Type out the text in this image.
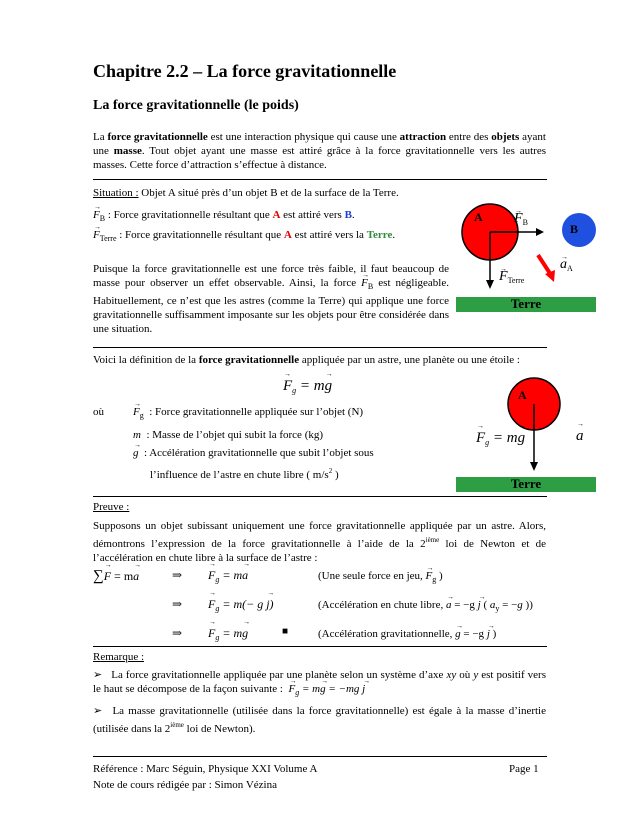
Chapitre 2.2 – La force gravitationnelle
La force gravitationnelle (le poids)
La force gravitationnelle est une interaction physique qui cause une attraction entre des objets ayant une masse. Tout objet ayant une masse est attiré grâce à la force gravitationnelle vers les autres masses. Cette force d’attraction s’effectue à distance.
Situation : Objet A situé près d’un objet B et de la surface de la Terre.
→ $F_B$ : Force gravitationnelle résultant que A est attiré vers B.
→ $F_{Terre}$ : Force gravitationnelle résultant que A est attiré vers la Terre.
Puisque la force gravitationnelle est une force très faible, il faut beaucoup de masse pour observer un effet observable. Ainsi, la force → $F_B$ est négligeable. Habituellement, ce n’est que les astres (comme la Terre) qui applique une force gravitationnelle suffisamment imposante sur les objets pour être considérée dans une situation.
A
→ $F_B$	B
→ $F_{Terre}$
→ $a_A$
Terre
Voici la définition de la force gravitationnelle appliquée par un astre, une planète ou une étoile :
→ $F_g = m\to g$
où
→	$F_g$ : Force gravitationnelle appliquée sur l’objet (N)
m : Masse de l’objet qui subit la force (kg)
→ g : Accélération gravitationnelle que subit l’objet sous
l’influence de l’astre en chute libre ( $m/s^2$ )
A
→ $F_g = m\to g$
→	a
Terre
Preuve :
Supposons un objet subissant uniquement une force gravitationnelle appliquée par un astre. Alors, démontrons l’expression de la force gravitationnelle à l’aide de la 2ième loi de Newton et de l’accélération en chute libre à la surface de l’astre :
∑→ F = m→ a	⇒
→ $F_g = m\to a$	(Une seule force en jeu, → $F_g$ )
⇒
→ $F_g = m(- g \to j)$	(Accélération en chute libre, → a = −g → j ( $a_y = -g$ ))
⇒
→ $F_g = m\to g$	■	(Accélération gravitationnelle, → g = −g → j )
Remarque :
➢ La force gravitationnelle appliquée par une planète selon un système d’axe xy où y est positif vers le haut se décompose de la façon suivante :  → $F_g = m\to g = -mg \to j$
➢ La masse gravitationnelle (utilisée dans la force gravitationnelle) est égale à la masse d’inertie (utilisée dans la 2ième loi de Newton).
Référence : Marc Séguin, Physique XXI Volume A
Note de cours rédigée par : Simon Vézina
Page 1
